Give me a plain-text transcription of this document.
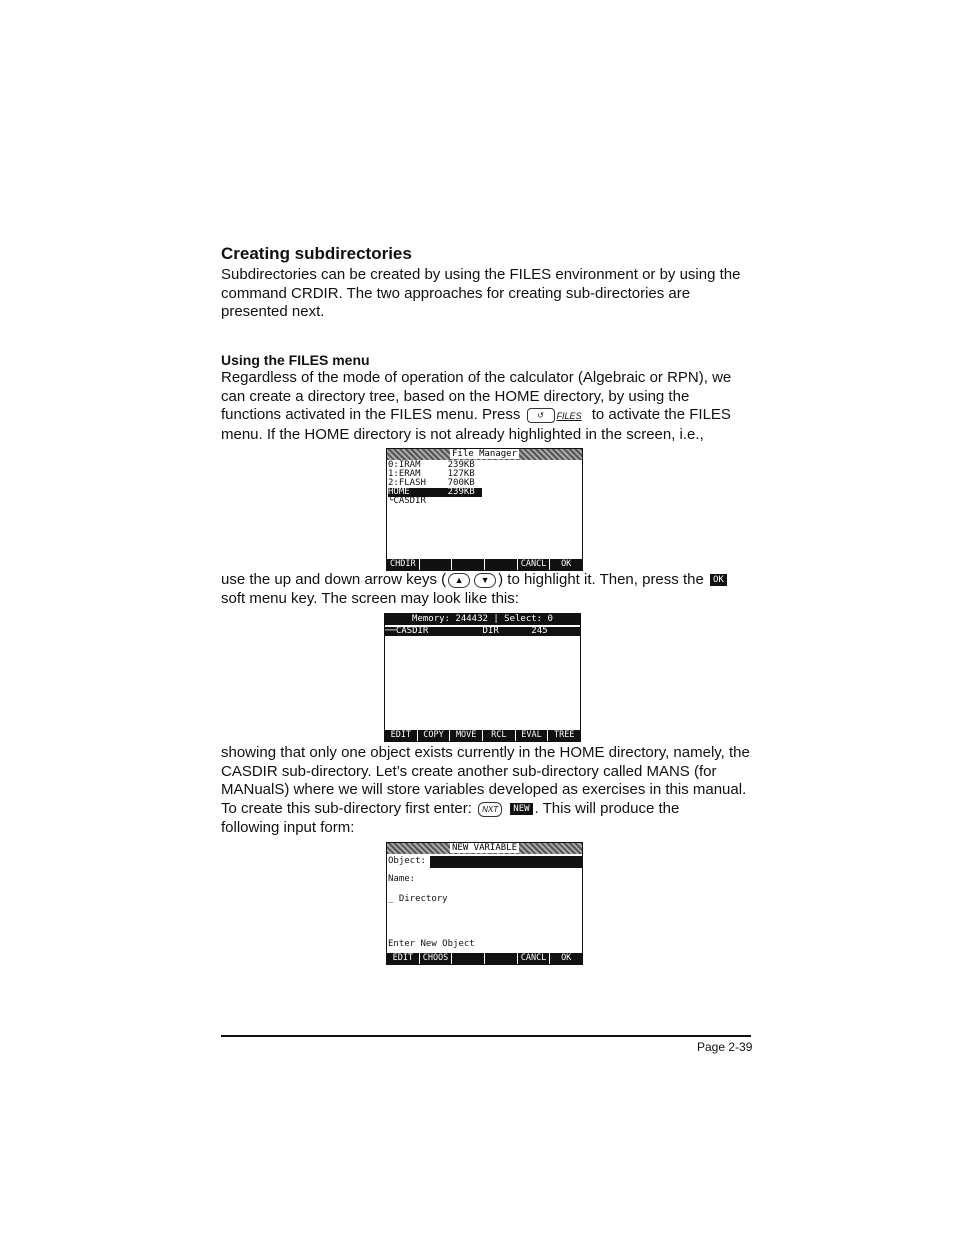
Creating subdirectories
Subdirectories can be created by using the FILES environment or by using the
command CRDIR. The two approaches for creating sub-directories are
presented next.
Using the FILES menu
Regardless of the mode of operation of the calculator (Algebraic or RPN), we
can create a directory tree, based on the HOME directory, by using the
functions activated in the FILES menu. Press ↺ FILES to activate the FILES
menu. If the HOME directory is not already highlighted in the screen, i.e.,
File Manager
0:IRAM     239KB
1:ERAM     127KB
2:FLASH    700KB
HOME       239KB
└CASDIR
CHDIR	CANCL	OK
use the up and down arrow keys ( ▲ ▼ ) to highlight it. Then, press the OK
soft menu key. The screen may look like this:
Memory: 244432 | Select: 0
──CASDIR          DIR      245
EDIT	COPY	MOVE	RCL	EVAL	TREE
showing that only one object exists currently in the HOME directory, namely, the
CASDIR sub-directory. Let’s create another sub-directory called MANS (for
MANualS) where we will store variables developed as exercises in this manual.
To create this sub-directory first enter: NXT NEW . This will produce the
following input form:
NEW VARIABLE
Object:
Name:
_ Directory
Enter New Object
EDIT	CHOOS	CANCL	OK
Page 2-39
